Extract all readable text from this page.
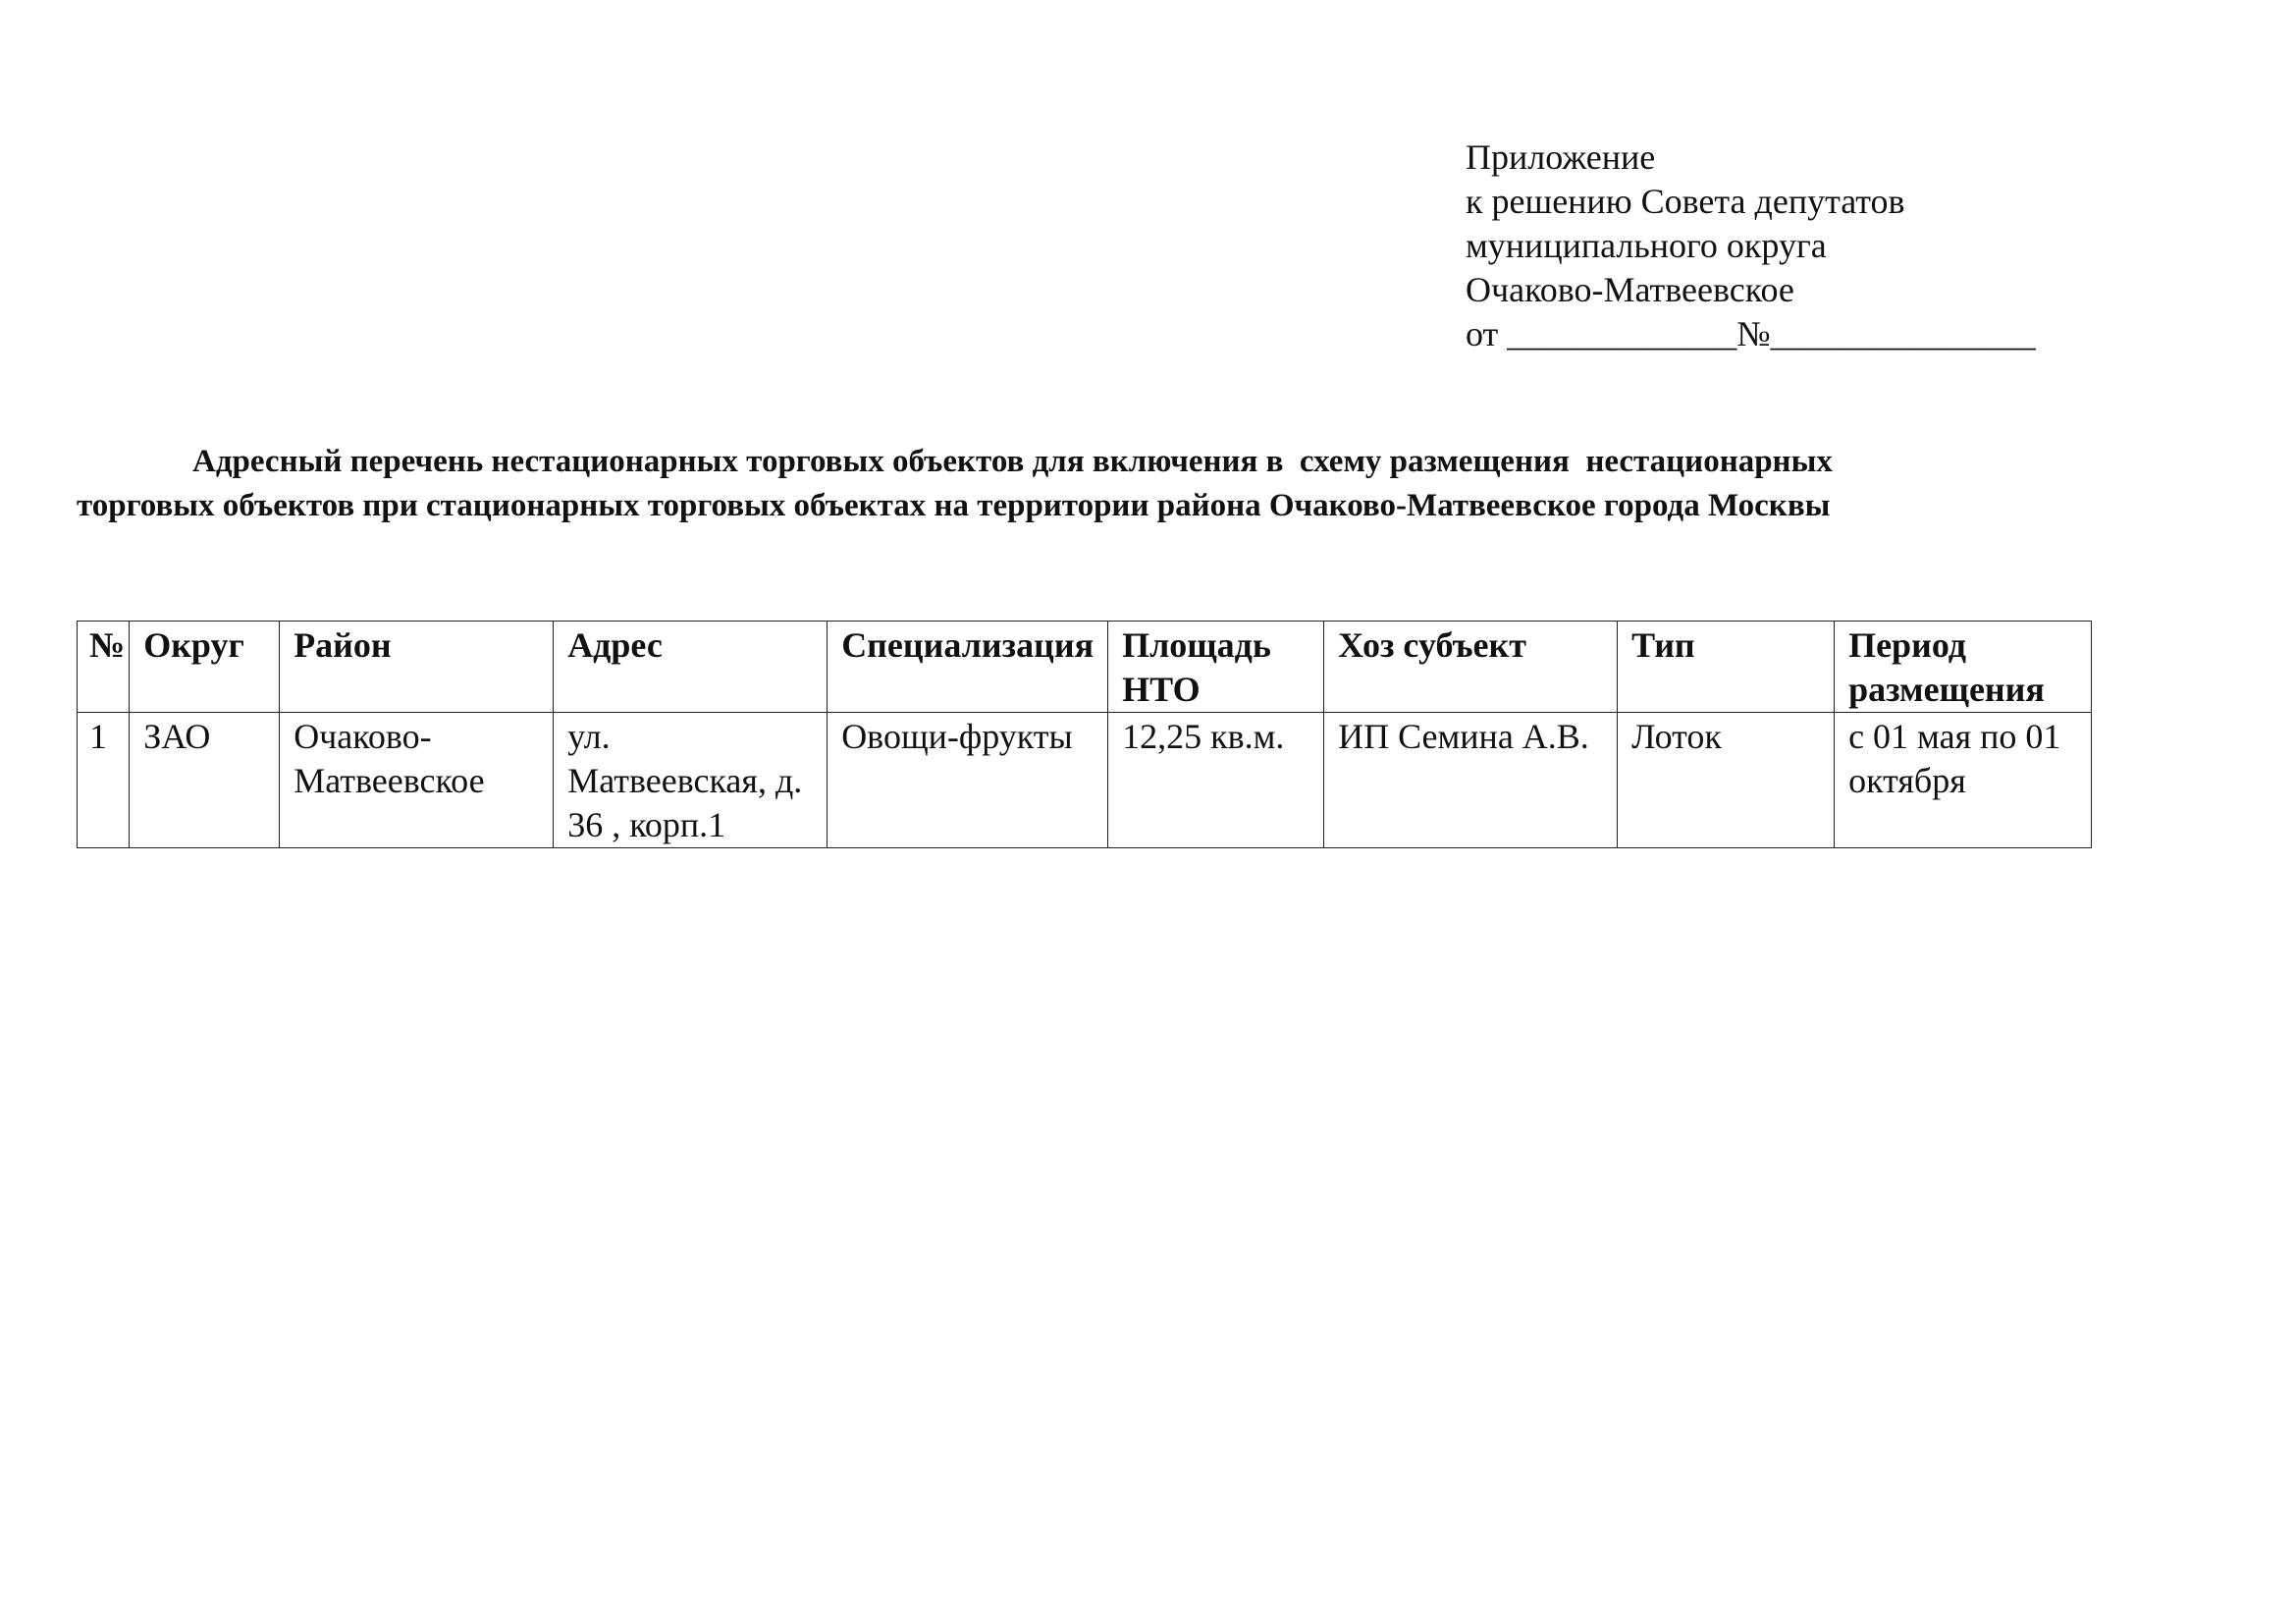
Приложение
к решению Совета депутатов
муниципального округа
Очаково-Матвеевское
от _____________№_______________
Адресный перечень нестационарных торговых объектов для включения в  схему размещения  нестационарных
торговых объектов при стационарных торговых объектах на территории района Очаково-Матвеевское города Москвы
№	Округ	Район	Адрес	Специализация	Площадь НТО	Хоз субъект	Тип	Период размещения
1	ЗАО	Очаково-Матвеевское	ул. Матвеевская, д. 36 , корп.1	Овощи-фрукты	12,25 кв.м.	ИП Семина А.В.	Лоток	с 01 мая по 01 октября
